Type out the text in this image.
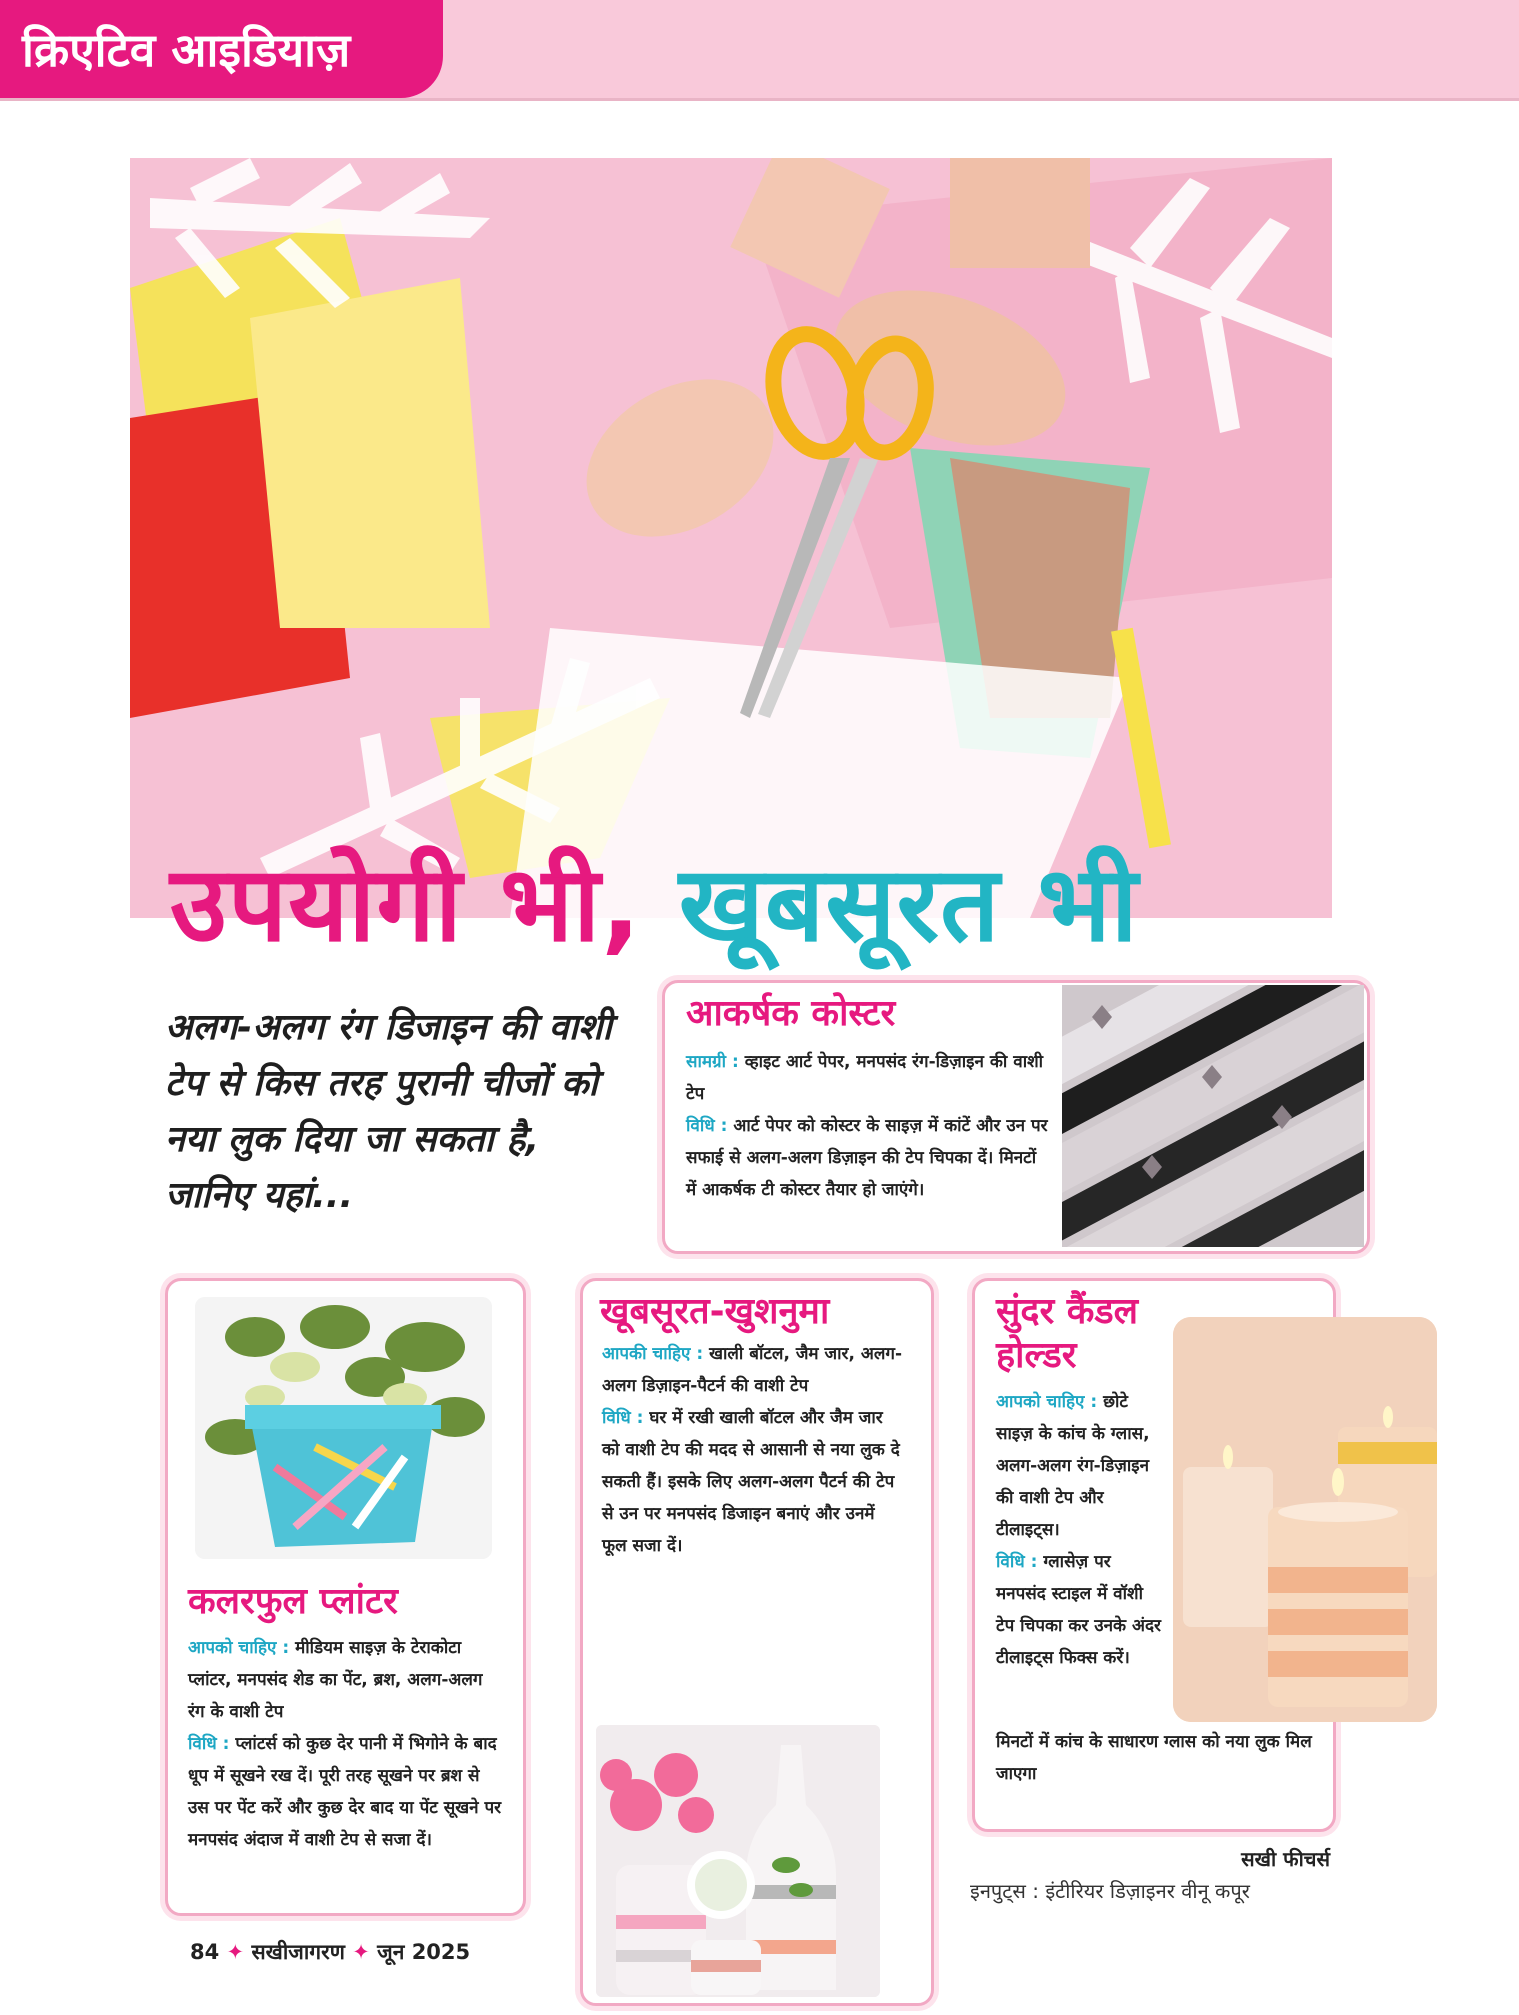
क्रिएटिव आइडियाज़
उपयोगी भी, खूबसूरत भी
अलग-अलग रंग डिजाइन की वाशी टेप से किस तरह पुरानी चीजों को नया लुक दिया जा सकता है, जानिए यहां...
आकर्षक कोस्टर
सामग्री : व्हाइट आर्ट पेपर, मनपसंद रंग-डिज़ाइन की वाशी टेप
विधि : आर्ट पेपर को कोस्टर के साइज़ में कांटें और उन पर सफाई से अलग-अलग डिज़ाइन की टेप चिपका दें। मिनटों में आकर्षक टी कोस्टर तैयार हो जाएंगे।
कलरफुल प्लांटर
आपको चाहिए : मीडियम साइज़ के टेराकोटा प्लांटर, मनपसंद शेड का पेंट, ब्रश, अलग-अलग रंग के वाशी टेप
विधि : प्लांटर्स को कुछ देर पानी में भिगोने के बाद धूप में सूखने रख दें। पूरी तरह सूखने पर ब्रश से उस पर पेंट करें और कुछ देर बाद या पेंट सूखने पर मनपसंद अंदाज में वाशी टेप से सजा दें।
खूबसूरत-खुशनुमा
आपकी चाहिए : खाली बॉटल, जैम जार, अलग-अलग डिज़ाइन-पैटर्न की वाशी टेप
विधि : घर में रखी खाली बॉटल और जैम जार को वाशी टेप की मदद से आसानी से नया लुक दे सकती हैं। इसके लिए अलग-अलग पैटर्न की टेप से उन पर मनपसंद डिजाइन बनाएं और उनमें फूल सजा दें।
सुंदर कैंडल
होल्डर
आपको चाहिए : छोटे साइज़ के कांच के ग्लास, अलग-अलग रंग-डिज़ाइन की वाशी टेप और टीलाइट्स।
विधि : ग्लासेज़ पर मनपसंद स्टाइल में वॉशी टेप चिपका कर उनके अंदर टीलाइट्स फिक्स करें।
मिनटों में कांच के साधारण ग्लास को नया लुक मिल जाएगा
सखी फीचर्स
इनपुट्स : इंटीरियर डिज़ाइनर वीनू कपूर
84 ✦ सखीजागरण ✦ जून 2025
